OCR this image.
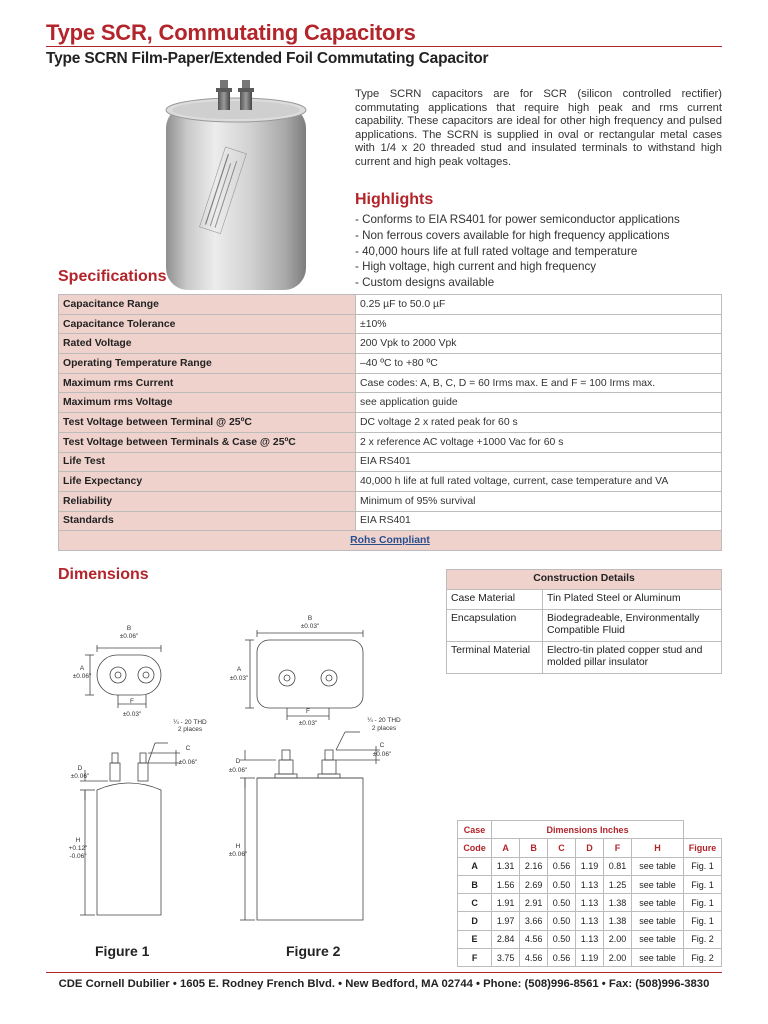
Type SCR, Commutating Capacitors
Type SCRN Film-Paper/Extended Foil Commutating Capacitor
Type SCRN capacitors are for SCR (silicon controlled rectifier) commutating applications that require high peak and rms current capability. These capacitors are ideal for other high frequency and pulsed applications. The SCRN is supplied in oval or rectangular metal cases with 1/4 x 20 threaded stud and insulated terminals to withstand high current and high peak voltages.
Highlights
- Conforms to EIA RS401 for power semiconductor applications
- Non ferrous covers available for high frequency applications
- 40,000 hours life at full rated voltage and temperature
- High voltage, high current and high frequency
- Custom designs available
Specifications
Capacitance Range	0.25 µF to 50.0 µF
Capacitance Tolerance	±10%
Rated Voltage	200 Vpk to 2000 Vpk
Operating Temperature Range	–40 ºC to +80 ºC
Maximum rms Current	Case codes: A, B, C, D = 60 Irms max. E and F = 100 Irms max.
Maximum rms Voltage	see application guide
Test Voltage between Terminal @ 25ºC	DC voltage 2 x rated peak for 60 s
Test Voltage between Terminals & Case @ 25ºC	2 x reference AC voltage +1000 Vac for 60 s
Life Test	EIA RS401
Life Expectancy	40,000 h life at full rated voltage, current, case temperature and VA
Reliability	Minimum of 95% survival
Standards	EIA RS401
Rohs Compliant	
Dimensions	Construction Details	
Case Material	Tin Plated Steel or Aluminum
Encapsulation	Biodegradeable, Environmentally Compatible Fluid
Terminal Material	Electro-tin plated copper stud and molded pillar insulator
B
±0.06"
A
±0.06"
F
±0.03"
¼ - 20 THD
2 places
C
±0.06"
D
±0.06"
H
+0.12"
-0.06"
B
±0.03"
A
±0.03"
F
±0.03"	¼ - 20 THD
2 places
C
±0.06"
D
±0.06"
H
±0.06"
Figure 1	Figure 2
Case	Dimensions Inches						
Code	A	B	C	D	F	H	Figure
A	1.31	2.16	0.56	1.19	0.81	see table	Fig. 1
B	1.56	2.69	0.50	1.13	1.25	see table	Fig. 1
C	1.91	2.91	0.50	1.13	1.38	see table	Fig. 1
D	1.97	3.66	0.50	1.13	1.38	see table	Fig. 1
E	2.84	4.56	0.50	1.13	2.00	see table	Fig. 2
F	3.75	4.56	0.56	1.19	2.00	see table	Fig. 2
CDE Cornell Dubilier • 1605 E. Rodney French Blvd. • New Bedford, MA 02744 • Phone: (508)996-8561 • Fax: (508)996-3830
